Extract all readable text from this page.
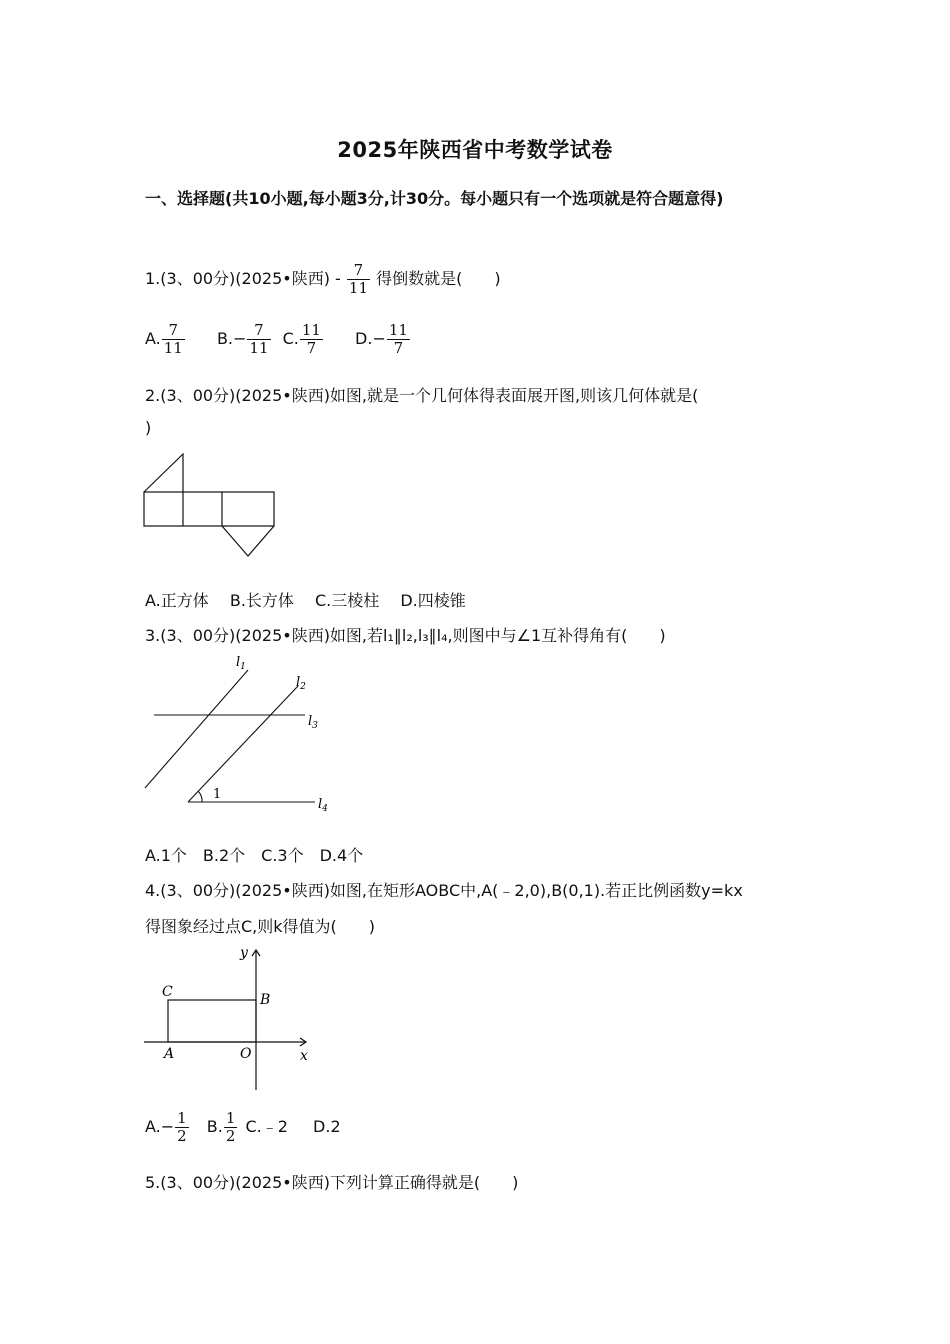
2025年陕西省中考数学试卷
一、选择题(共10小题,每小题3分,计30分。每小题只有一个选项就是符合题意得)
1.(3、00分)(2025•陕西) - $\frac{7}{11}$ 得倒数就是(　　)
A. $\frac{7}{11} B.- \frac{7}{11} C$. $\frac{11}{7} D.- \frac{11}{7}$
2.(3、00分)(2025•陕西)如图,就是一个几何体得表面展开图,则该几何体就是(
)
A.正方体　 B.长方体　 C.三棱柱　 D.四棱锥
3.(3、00分)(2025•陕西)如图,若l₁∥l₂,l₃∥l₄,则图中与∠1互补得角有(　　)
$l_1$
$l_2$
$l_3$
$l_4$
1
A.1个　B.2个　C.3个　D.4个
4.(3、00分)(2025•陕西)如图,在矩形AOBC中,A(﹣2,0),B(0,1).若正比例函数y=kx
得图象经过点C,则k得值为(　　)
y
x
C	B
A	O
$A.- \frac{1}{2} B$. $\frac{1}{2}$ C.﹣2 D.2
5.(3、00分)(2025•陕西)下列计算正确得就是(　　)
